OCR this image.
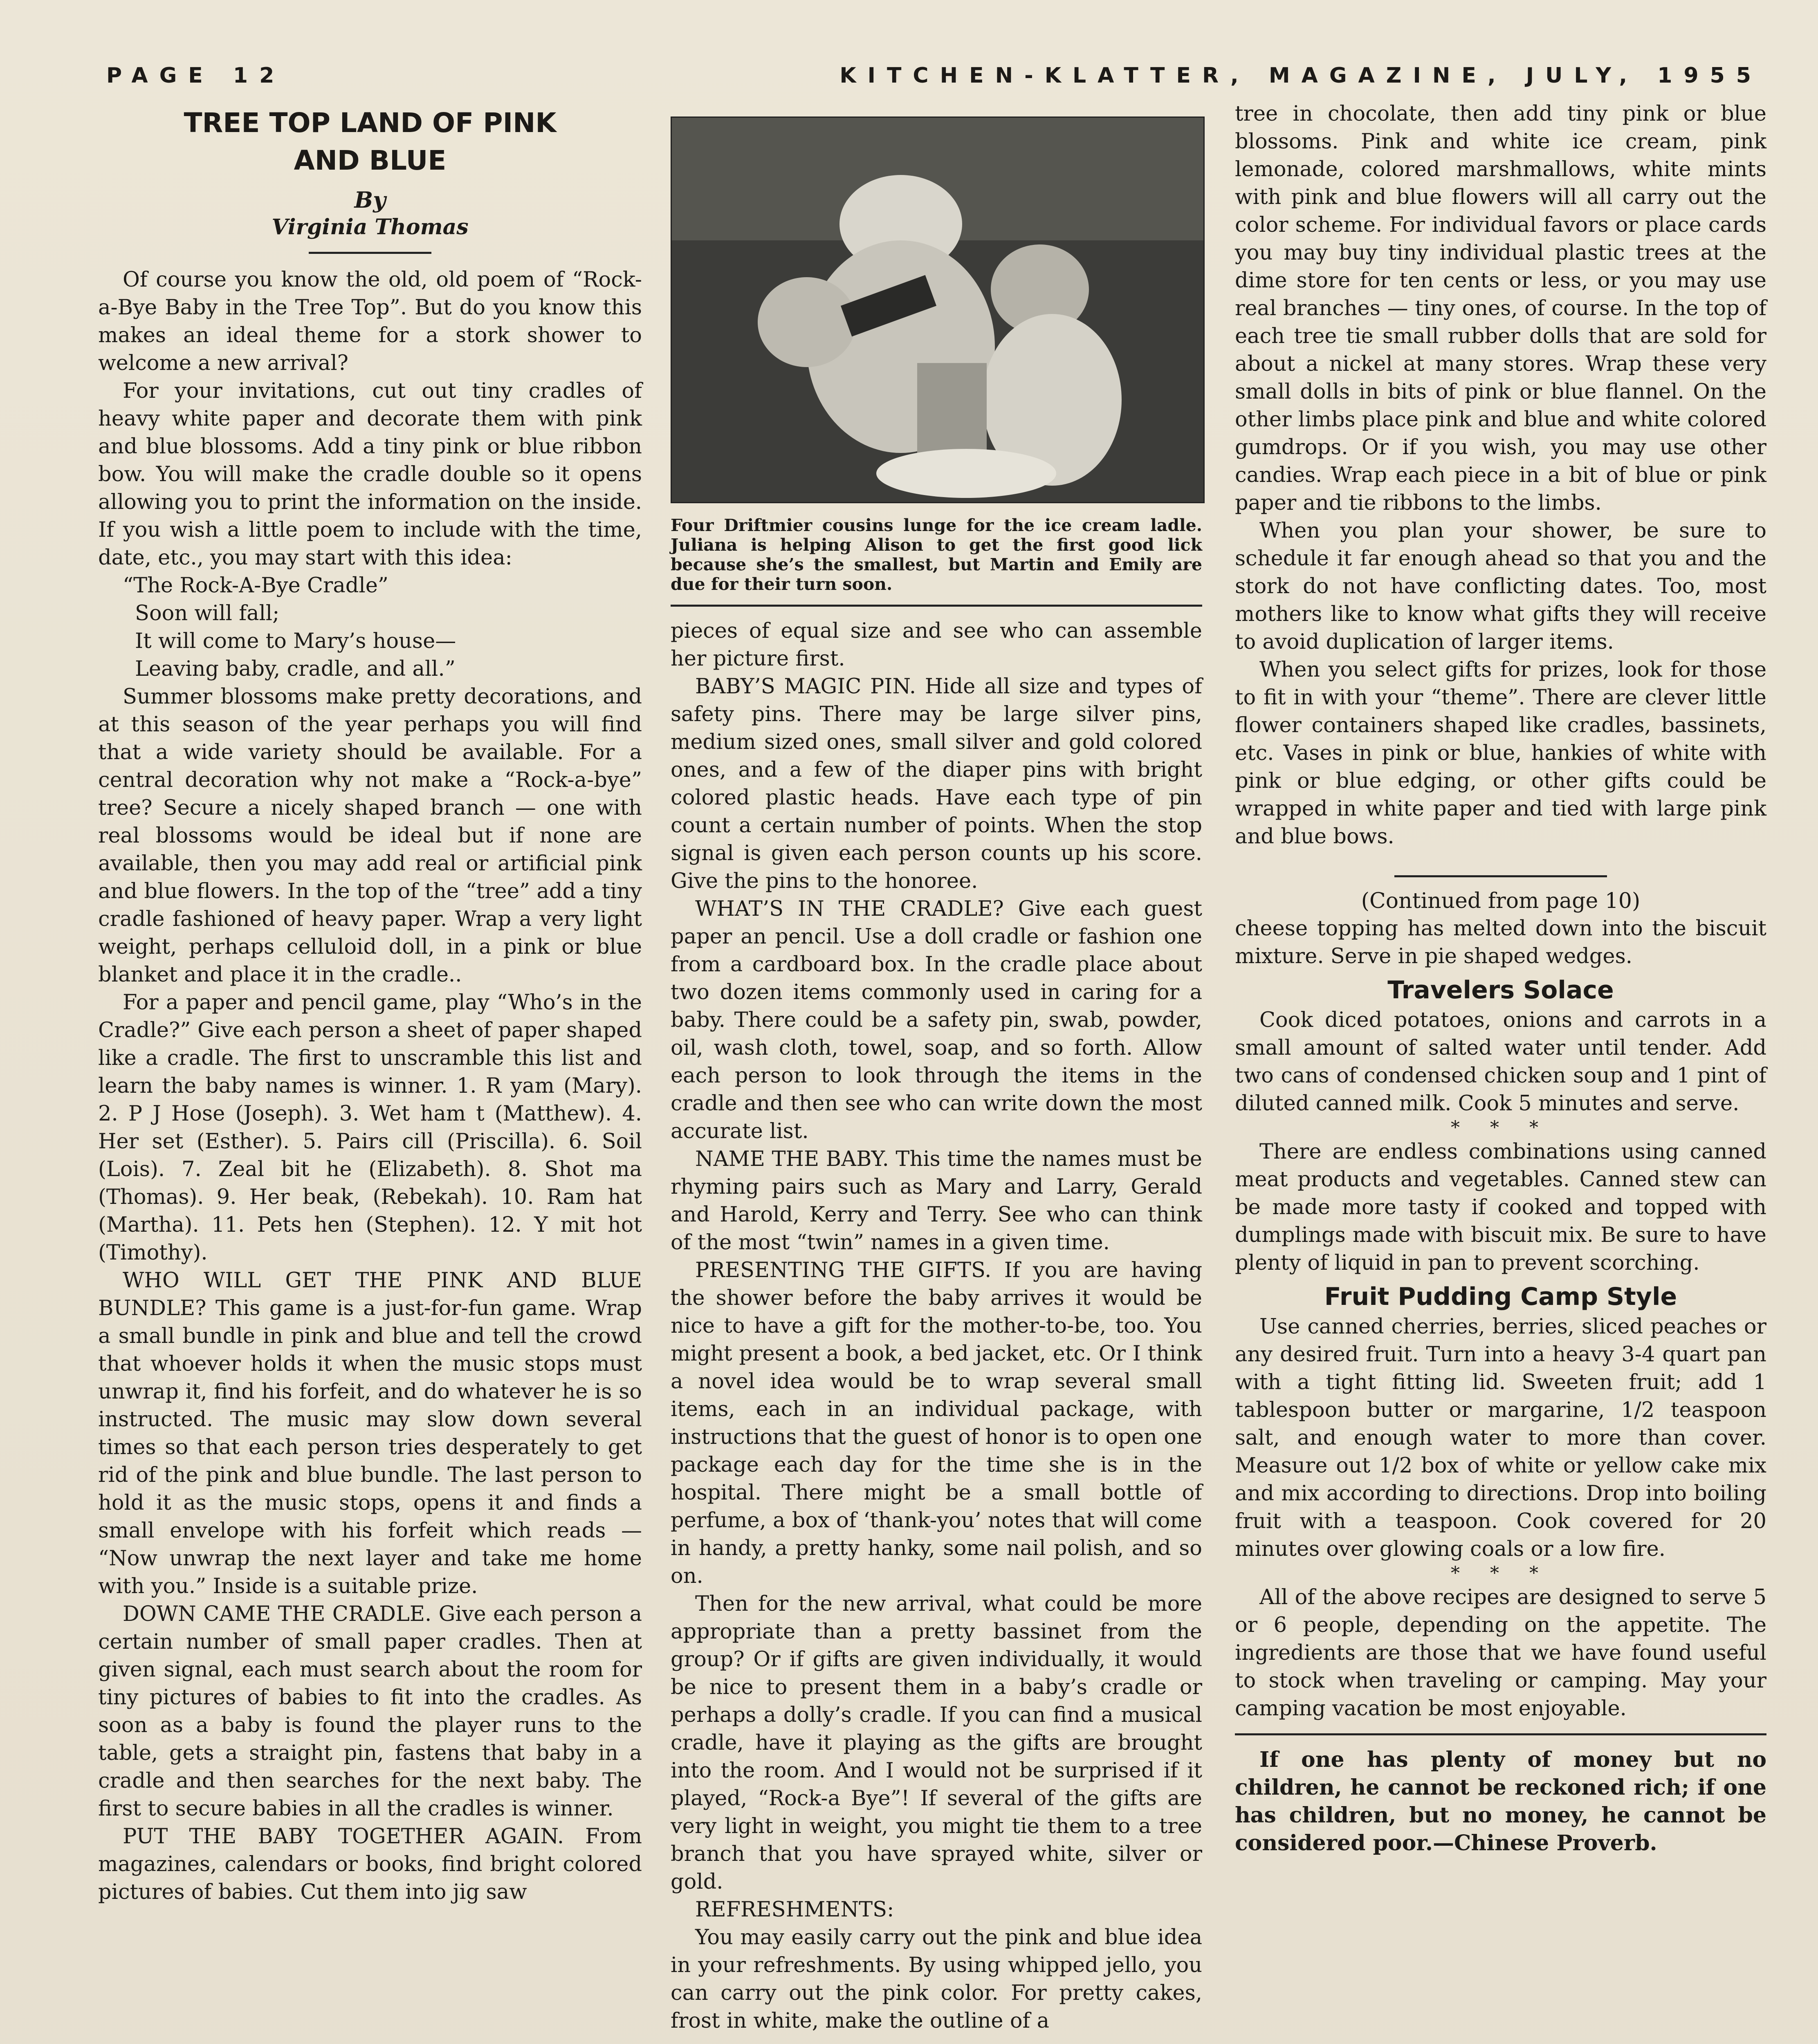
PAGE 12	KITCHEN-KLATTER, MAGAZINE, JULY, 1955
TREE TOP LAND OF PINK
AND BLUE
By
Virginia Thomas

Of course you know the old, old poem of “Rock-a-Bye Baby in the Tree Top”. But do you know this makes an ideal theme for a stork shower to welcome a new arrival?

For your invitations, cut out tiny cradles of heavy white paper and decorate them with pink and blue blossoms. Add a tiny pink or blue ribbon bow. You will make the cradle double so it opens allowing you to print the information on the inside. If you wish a little poem to include with the time, date, etc., you may start with this idea:

“The Rock-A-Bye Cradle”
Soon will fall;
It will come to Mary’s house—
Leaving baby, cradle, and all.”

Summer blossoms make pretty decorations, and at this season of the year perhaps you will find that a wide variety should be available. For a central decoration why not make a “Rock-a-bye” tree? Secure a nicely shaped branch — one with real blossoms would be ideal but if none are available, then you may add real or artificial pink and blue flowers. In the top of the “tree” add a tiny cradle fashioned of heavy paper. Wrap a very light weight, perhaps celluloid doll, in a pink or blue blanket and place it in the cradle..

For a paper and pencil game, play “Who’s in the Cradle?” Give each person a sheet of paper shaped like a cradle. The first to unscramble this list and learn the baby names is winner. 1. R yam (Mary). 2. P J Hose (Joseph). 3. Wet ham t (Matthew). 4. Her set (Esther). 5. Pairs cill (Priscilla). 6. Soil (Lois). 7. Zeal bit he (Elizabeth). 8. Shot ma (Thomas). 9. Her beak, (Rebekah). 10. Ram hat (Martha). 11. Pets hen (Stephen). 12. Y mit hot (Timothy).

WHO WILL GET THE PINK AND BLUE BUNDLE? This game is a just-for-fun game. Wrap a small bundle in pink and blue and tell the crowd that whoever holds it when the music stops must unwrap it, find his forfeit, and do whatever he is so instructed. The music may slow down several times so that each person tries desperately to get rid of the pink and blue bundle. The last person to hold it as the music stops, opens it and finds a small envelope with his forfeit which reads — “Now unwrap the next layer and take me home with you.” Inside is a suitable prize.

DOWN CAME THE CRADLE. Give each person a certain number of small paper cradles. Then at given signal, each must search about the room for tiny pictures of babies to fit into the cradles. As soon as a baby is found the player runs to the table, gets a straight pin, fastens that baby in a cradle and then searches for the next baby. The first to secure babies in all the cradles is winner.

PUT THE BABY TOGETHER AGAIN. From magazines, calendars or books, find bright colored pictures of babies. Cut them into jig saw

Four Driftmier cousins lunge for the ice cream ladle. Juliana is helping Alison to get the first good lick because she’s the smallest, but Martin and Emily are due for their turn soon.

pieces of equal size and see who can assemble her picture first.

BABY’S MAGIC PIN. Hide all size and types of safety pins. There may be large silver pins, medium sized ones, small silver and gold colored ones, and a few of the diaper pins with bright colored plastic heads. Have each type of pin count a certain number of points. When the stop signal is given each person counts up his score. Give the pins to the honoree.

WHAT’S IN THE CRADLE? Give each guest paper an pencil. Use a doll cradle or fashion one from a cardboard box. In the cradle place about two dozen items commonly used in caring for a baby. There could be a safety pin, swab, powder, oil, wash cloth, towel, soap, and so forth. Allow each person to look through the items in the cradle and then see who can write down the most accurate list.

NAME THE BABY. This time the names must be rhyming pairs such as Mary and Larry, Gerald and Harold, Kerry and Terry. See who can think of the most “twin” names in a given time.

PRESENTING THE GIFTS. If you are having the shower before the baby arrives it would be nice to have a gift for the mother-to-be, too. You might present a book, a bed jacket, etc. Or I think a novel idea would be to wrap several small items, each in an individual package, with instructions that the guest of honor is to open one package each day for the time she is in the hospital. There might be a small bottle of perfume, a box of ‘thank-you’ notes that will come in handy, a pretty hanky, some nail polish, and so on.

Then for the new arrival, what could be more appropriate than a pretty bassinet from the group? Or if gifts are given individually, it would be nice to present them in a baby’s cradle or perhaps a dolly’s cradle. If you can find a musical cradle, have it playing as the gifts are brought into the room. And I would not be surprised if it played, “Rock-a Bye”! If several of the gifts are very light in weight, you might tie them to a tree branch that you have sprayed white, silver or gold.

REFRESHMENTS:

You may easily carry out the pink and blue idea in your refreshments. By using whipped jello, you can carry out the pink color. For pretty cakes, frost in white, make the outline of a

tree in chocolate, then add tiny pink or blue blossoms. Pink and white ice cream, pink lemonade, colored marshmallows, white mints with pink and blue flowers will all carry out the color scheme. For individual favors or place cards you may buy tiny individual plastic trees at the dime store for ten cents or less, or you may use real branches — tiny ones, of course. In the top of each tree tie small rubber dolls that are sold for about a nickel at many stores. Wrap these very small dolls in bits of pink or blue flannel. On the other limbs place pink and blue and white colored gumdrops. Or if you wish, you may use other candies. Wrap each piece in a bit of blue or pink paper and tie ribbons to the limbs.

When you plan your shower, be sure to schedule it far enough ahead so that you and the stork do not have conflicting dates. Too, most mothers like to know what gifts they will receive to avoid duplication of larger items.

When you select gifts for prizes, look for those to fit in with your “theme”. There are clever little flower containers shaped like cradles, bassinets, etc. Vases in pink or blue, hankies of white with pink or blue edging, or other gifts could be wrapped in white paper and tied with large pink and blue bows.

(Continued from page 10)

cheese topping has melted down into the biscuit mixture. Serve in pie shaped wedges.

Travelers Solace

Cook diced potatoes, onions and carrots in a small amount of salted water until tender. Add two cans of condensed chicken soup and 1 pint of diluted canned milk. Cook 5 minutes and serve.

* * *

There are endless combinations using canned meat products and vegetables. Canned stew can be made more tasty if cooked and topped with dumplings made with biscuit mix. Be sure to have plenty of liquid in pan to prevent scorching.

Fruit Pudding Camp Style

Use canned cherries, berries, sliced peaches or any desired fruit. Turn into a heavy 3-4 quart pan with a tight fitting lid. Sweeten fruit; add 1 tablespoon butter or margarine, 1/2 teaspoon salt, and enough water to more than cover. Measure out 1/2 box of white or yellow cake mix and mix according to directions. Drop into boiling fruit with a teaspoon. Cook covered for 20 minutes over glowing coals or a low fire.

* * *

All of the above recipes are designed to serve 5 or 6 people, depending on the appetite. The ingredients are those that we have found useful to stock when traveling or camping. May your camping vacation be most enjoyable.

If one has plenty of money but no children, he cannot be reckoned rich; if one has children, but no money, he cannot be considered poor.—Chinese Proverb.
